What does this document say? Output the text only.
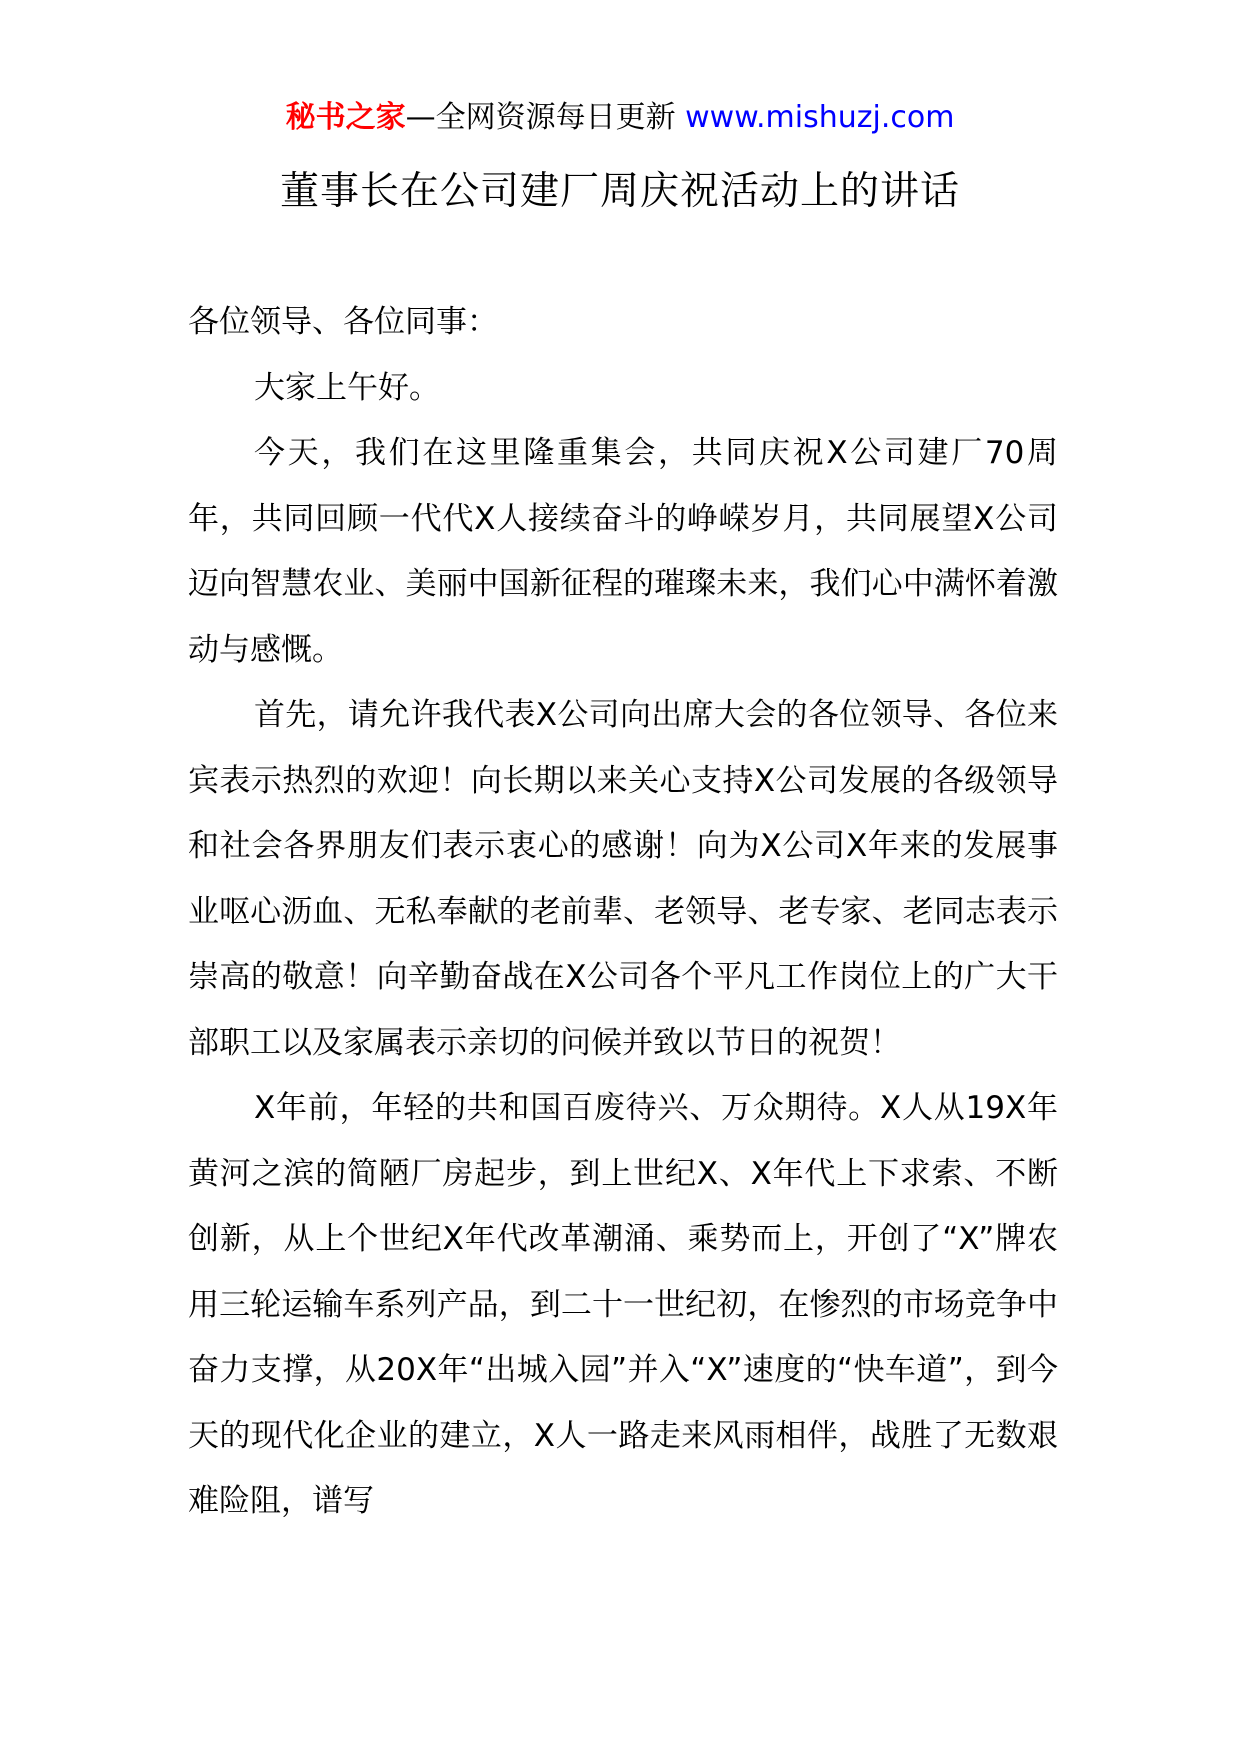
秘书之家—全网资源每日更新 www.mishuzj.com
董事长在公司建厂周庆祝活动上的讲话

各位领导、各位同事：

大家上午好。

今天，我们在这里隆重集会，共同庆祝X公司建厂70周年，共同回顾一代代X人接续奋斗的峥嵘岁月，共同展望X公司迈向智慧农业、美丽中国新征程的璀璨未来，我们心中满怀着激动与感慨。

首先，请允许我代表X公司向出席大会的各位领导、各位来宾表示热烈的欢迎！向长期以来关心支持X公司发展的各级领导和社会各界朋友们表示衷心的感谢！向为X公司X年来的发展事业呕心沥血、无私奉献的老前辈、老领导、老专家、老同志表示崇高的敬意！向辛勤奋战在X公司各个平凡工作岗位上的广大干部职工以及家属表示亲切的问候并致以节日的祝贺！

X年前，年轻的共和国百废待兴、万众期待。X人从19X年黄河之滨的简陋厂房起步，到上世纪X、X年代上下求索、不断创新，从上个世纪X年代改革潮涌、乘势而上，开创了“X”牌农用三轮运输车系列产品，到二十一世纪初，在惨烈的市场竞争中奋力支撑，从20X年“出城入园”并入“X”速度的“快车道”，到今天的现代化企业的建立，X人一路走来风雨相伴，战胜了无数艰难险阻，谱写
